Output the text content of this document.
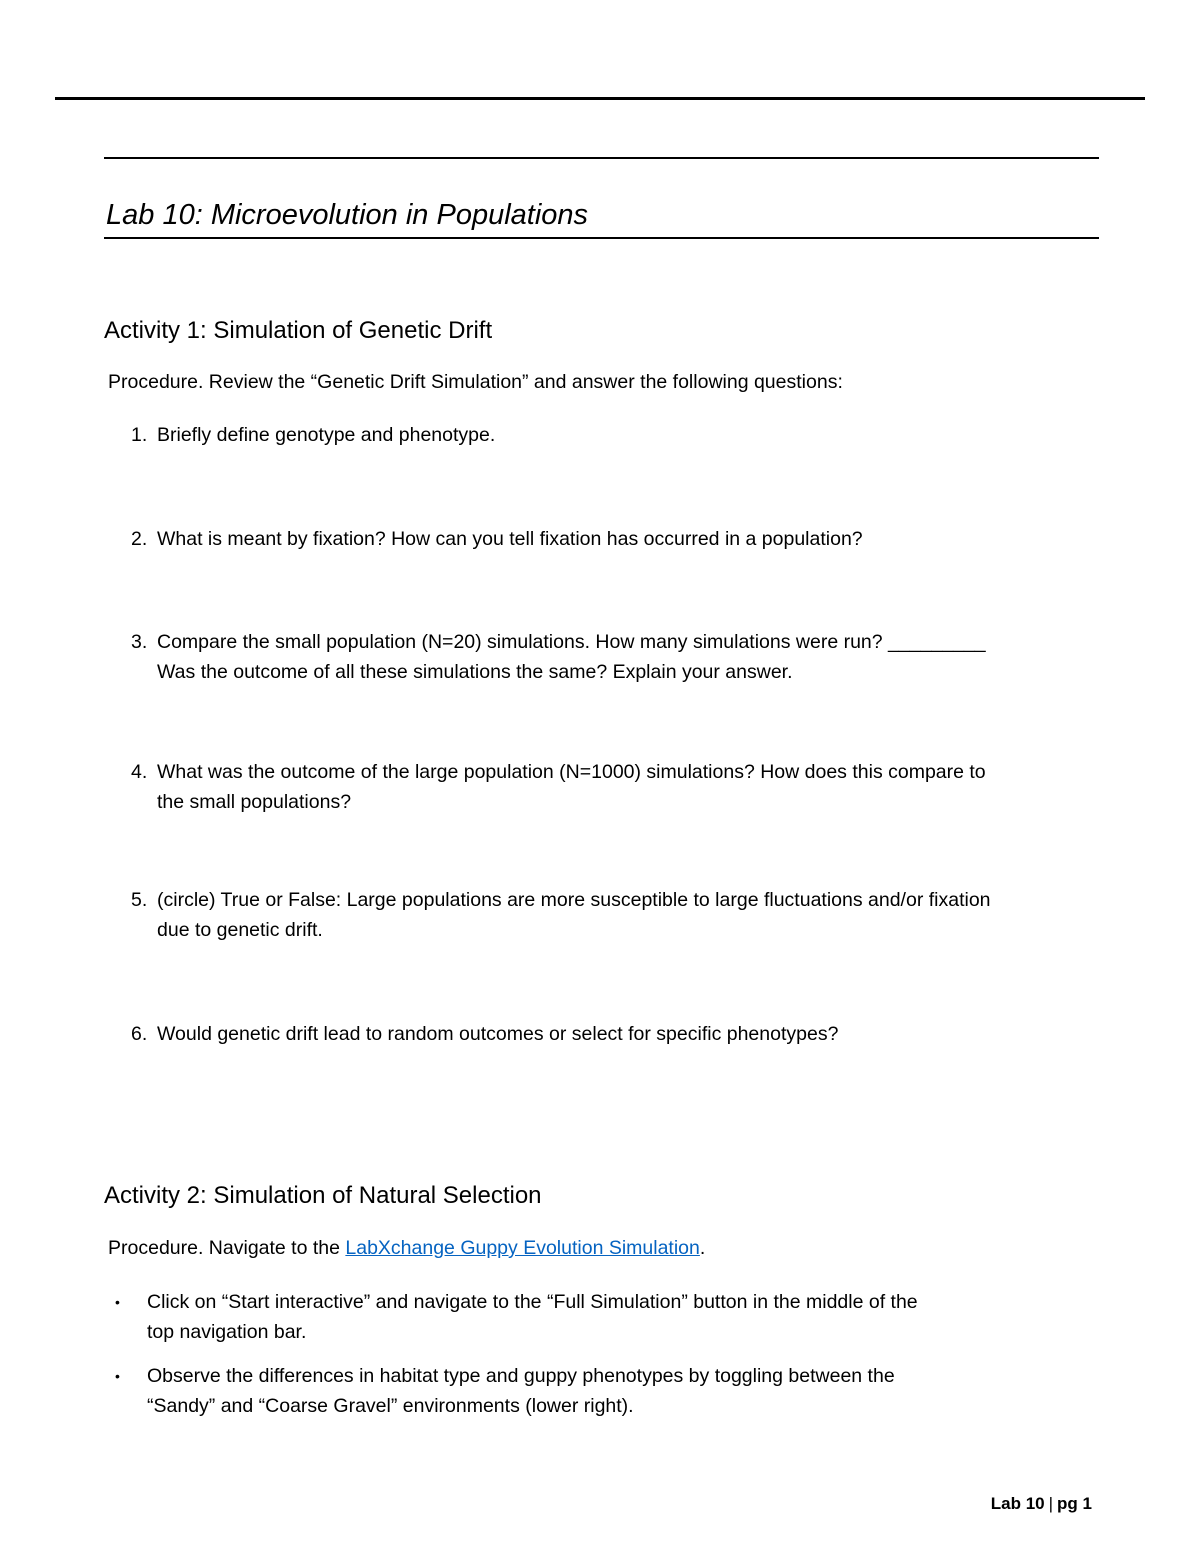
Lab 10: Microevolution in Populations
Activity 1: Simulation of Genetic Drift
Procedure. Review the “Genetic Drift Simulation” and answer the following questions:
1. Briefly define genotype and phenotype.
2. What is meant by fixation? How can you tell fixation has occurred in a population?
3. Compare the small population (N=20) simulations. How many simulations were run? _________
Was the outcome of all these simulations the same? Explain your answer.
4. What was the outcome of the large population (N=1000) simulations? How does this compare to
the small populations?
5. (circle) True or False: Large populations are more susceptible to large fluctuations and/or fixation
due to genetic drift.
6. Would genetic drift lead to random outcomes or select for specific phenotypes?
Activity 2: Simulation of Natural Selection
Procedure. Navigate to the LabXchange Guppy Evolution Simulation.
• Click on “Start interactive” and navigate to the “Full Simulation” button in the middle of the
top navigation bar.
• Observe the differences in habitat type and guppy phenotypes by toggling between the
“Sandy” and “Coarse Gravel” environments (lower right).
Lab 10 | pg 1
